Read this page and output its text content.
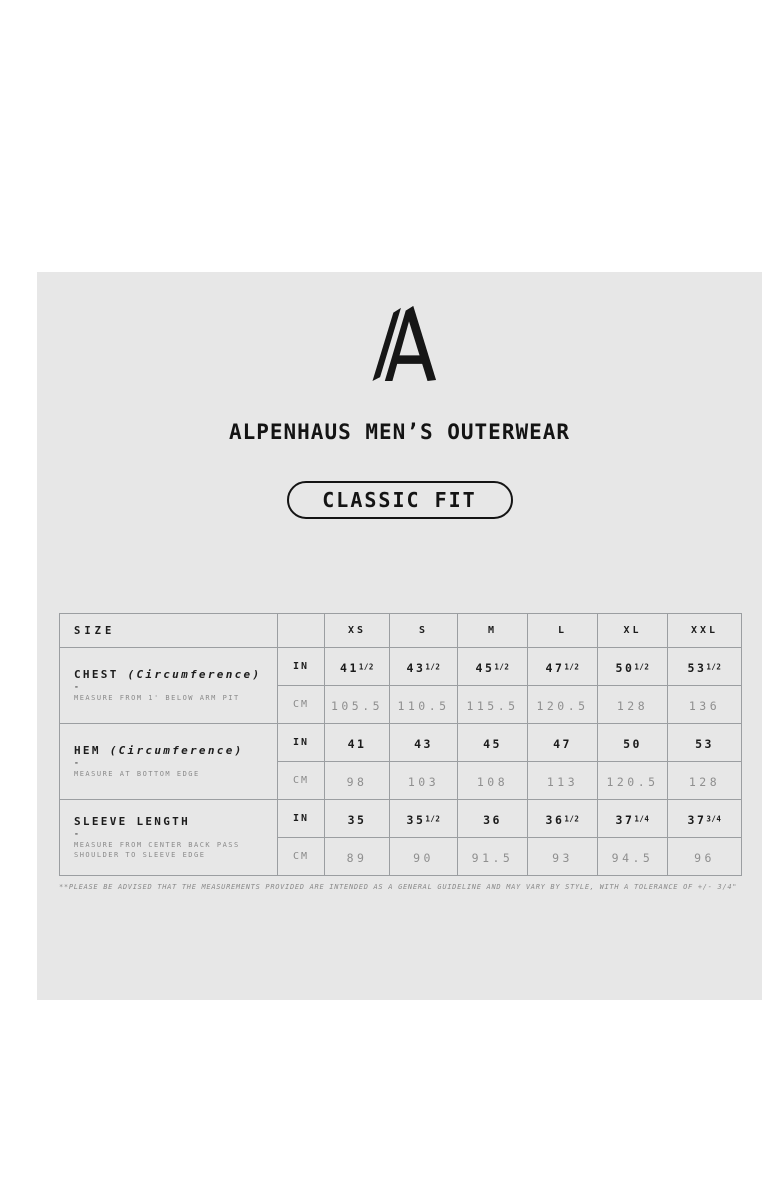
ALPENHAUS MEN’S OUTERWEAR
CLASSIC FIT
SIZE		XS	S	M	L	XL	XXL

CHEST (Circumference)
-
MEASURE FROM 1' BELOW ARM PIT	IN	411/2	431/2	451/2	471/2	501/2	531/2
	CM	105.5	110.5	115.5	120.5	128	136

HEM (Circumference)
-
MEASURE AT BOTTOM EDGE	IN	41	43	45	47	50	53
	CM	98	103	108	113	120.5	128

SLEEVE LENGTH
-
MEASURE FROM CENTER BACK PASS
SHOULDER TO SLEEVE EDGE	IN	35	351/2	36	361/2	371/4	373/4
	CM	89	90	91.5	93	94.5	96

**PLEASE BE ADVISED THAT THE MEASUREMENTS PROVIDED ARE INTENDED AS A GENERAL GUIDELINE AND MAY VARY BY STYLE, WITH A TOLERANCE OF +/- 3/4"
